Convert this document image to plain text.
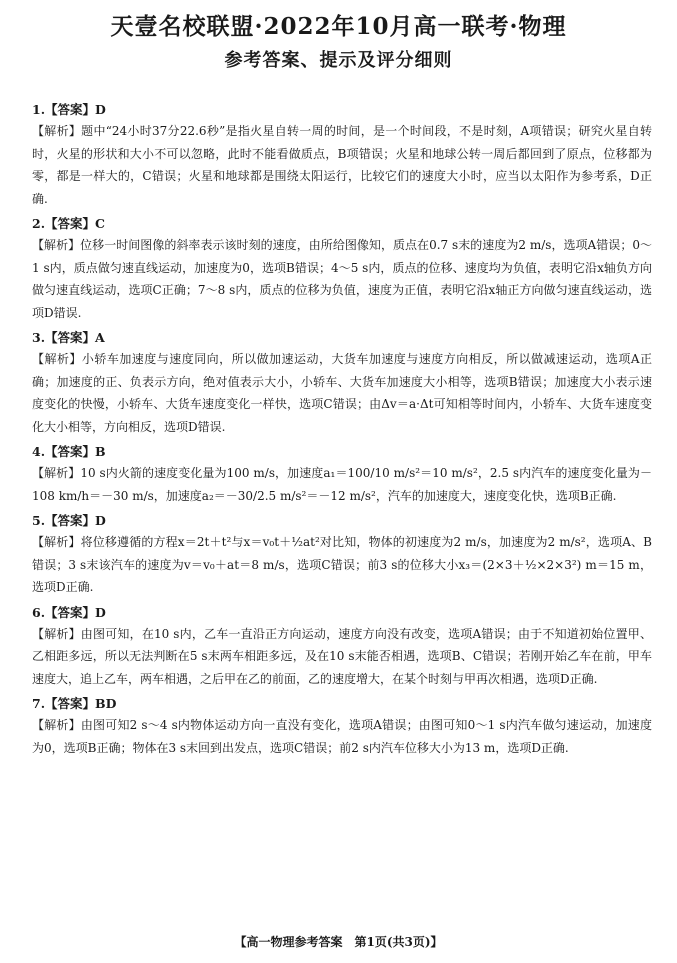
天壹名校联盟·2022年10月高一联考·物理
参考答案、提示及评分细则
1.【答案】D
【解析】题中“24小时37分22.6秒”是指火星自转一周的时间，是一个时间段，不是时刻，A项错误；研究火星自转时，火星的形状和大小不可以忽略，此时不能看做质点，B项错误；火星和地球公转一周后都回到了原点，位移都为零，都是一样大的，C错误；火星和地球都是围绕太阳运行，比较它们的速度大小时，应当以太阳作为参考系，D正确.
2.【答案】C
【解析】位移一时间图像的斜率表示该时刻的速度，由所给图像知，质点在0.7 s末的速度为2 m/s，选项A错误；0～1 s内，质点做匀速直线运动，加速度为0，选项B错误；4～5 s内，质点的位移、速度均为负值，表明它沿x轴负方向做匀速直线运动，选项C正确；7～8 s内，质点的位移为负值，速度为正值，表明它沿x轴正方向做匀速直线运动，选项D错误.
3.【答案】A
【解析】小轿车加速度与速度同向，所以做加速运动，大货车加速度与速度方向相反，所以做减速运动，选项A正确；加速度的正、负表示方向，绝对值表示大小，小轿车、大货车加速度大小相等，选项B错误；加速度大小表示速度变化的快慢，小轿车、大货车速度变化一样快，选项C错误；由Δv＝a·Δt可知相等时间内，小轿车、大货车速度变化大小相等，方向相反，选项D错误.
4.【答案】B
【解析】10 s内火箭的速度变化量为100 m/s，加速度a₁＝100/10 m/s²＝10 m/s²，2.5 s内汽车的速度变化量为－108 km/h＝－30 m/s，加速度a₂＝－30/2.5 m/s²＝－12 m/s²，汽车的加速度大，速度变化快，选项B正确.
5.【答案】D
【解析】将位移遵循的方程x＝2t＋t²与x＝v₀t＋½at²对比知，物体的初速度为2 m/s，加速度为2 m/s²，选项A、B错误；3 s末该汽车的速度为v＝v₀＋at＝8 m/s，选项C错误；前3 s的位移大小x₃＝(2×3＋½×2×3²) m＝15 m，选项D正确.
6.【答案】D
【解析】由图可知，在10 s内，乙车一直沿正方向运动，速度方向没有改变，选项A错误；由于不知道初始位置甲、乙相距多远，所以无法判断在5 s末两车相距多远，及在10 s末能否相遇，选项B、C错误；若刚开始乙车在前，甲车速度大，追上乙车，两车相遇，之后甲在乙的前面，乙的速度增大，在某个时刻与甲再次相遇，选项D正确.
7.【答案】BD
【解析】由图可知2 s～4 s内物体运动方向一直没有变化，选项A错误；由图可知0～1 s内汽车做匀速运动，加速度为0，选项B正确；物体在3 s末回到出发点，选项C错误；前2 s内汽车位移大小为13 m，选项D正确.
【高一物理参考答案　第1页(共3页)】
